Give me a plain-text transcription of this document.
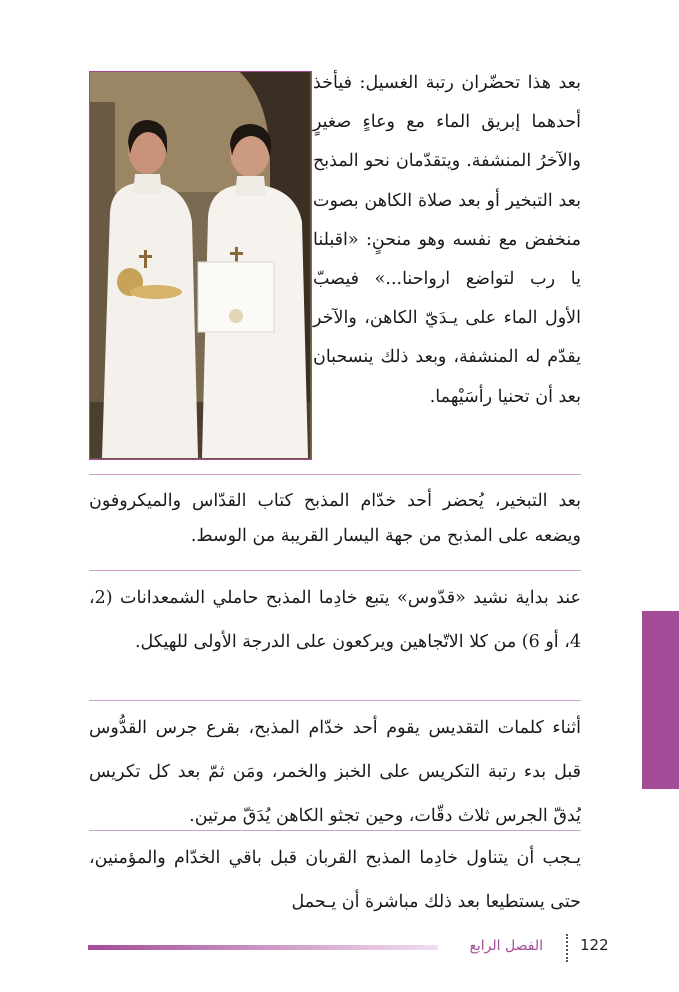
بعد هذا تحضّران رتبة الغسيل: فيأخذ أحدهما إبريق الماء مع وعاءٍ صغيرٍ والآخرُ المنشفة. ويتقدّمان نحو المذبح بعد التبخير أو بعد صلاة الكاهن بصوت منخفض مع نفسه وهو منحنٍ: «اقبلنا يا رب لتواضع ارواحنا...» فيصبّ الأول الماء على يـدَيّ الكاهن، والآخر يقدّم له المنشفة، وبعد ذلك ينسحبان بعد أن تحنيا رأسَيْهما.

بعد التبخير، يُحضر أحد خدّام المذبح كتاب القدّاس والميكروفون ويضعه على المذبح من جهة اليسار القريبة من الوسط.

عند بداية نشيد «قدّوس» يتبع خادِما المذبح حاملي الشمعدانات (2، 4، أو 6) من كلا الاتّجاهين ويركعون على الدرجة الأولى للهيكل.

أثناء كلمات التقديس يقوم أحد خدّام المذبح، بقرع جرس القدُّوس قبل بدء رتبة التكريس على الخبز والخمر، ومَن ثمّ بعد كل تكريس يُدقّ الجرس ثلاث دقّات، وحين تجثو الكاهن يُدَقّ مرتين.

يـجب أن يتناول خادِما المذبح القربان قبل باقي الخدّام والمؤمنين، حتى يستطيعا بعد ذلك مباشرة أن يـحمل

الفصل الرابع 122
